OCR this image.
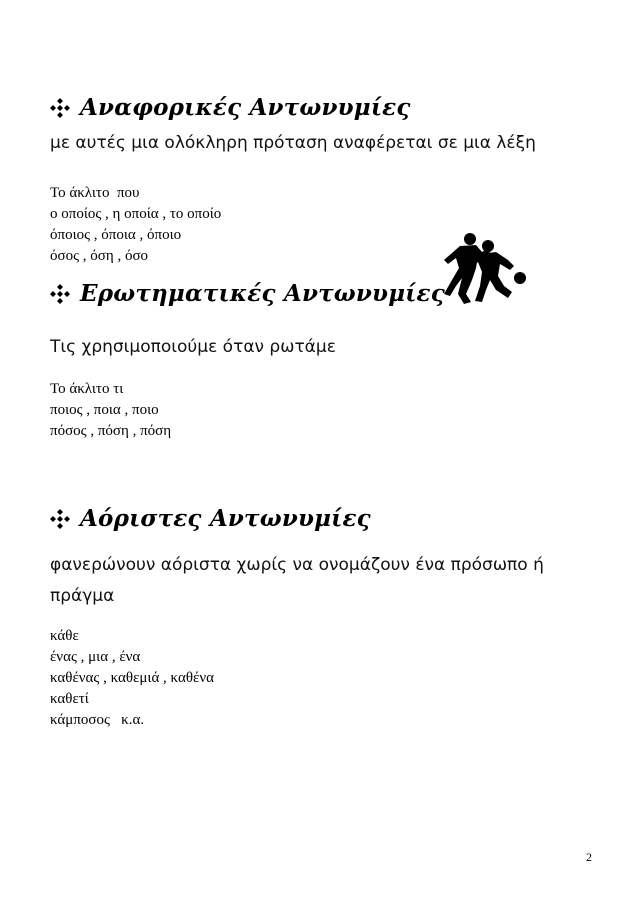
Αναφορικές Αντωνυμίες
με αυτές μια ολόκληρη πρόταση αναφέρεται σε μια λέξη
Το άκλιτο  που
ο οποίος , η οποία , το οποίο
όποιος , όποια , όποιο
όσος , όση , όσο
Ερωτηματικές Αντωνυμίες
Τις χρησιμοποιούμε όταν ρωτάμε
Το άκλιτο τι
ποιος , ποια , ποιο
πόσος , πόση , πόση
Αόριστες Αντωνυμίες
φανερώνουν αόριστα χωρίς να ονομάζουν ένα πρόσωπο ή πράγμα
κάθε
ένας , μια , ένα
καθένας , καθεμιά , καθένα
καθετί
κάμποσος   κ.α.
2
